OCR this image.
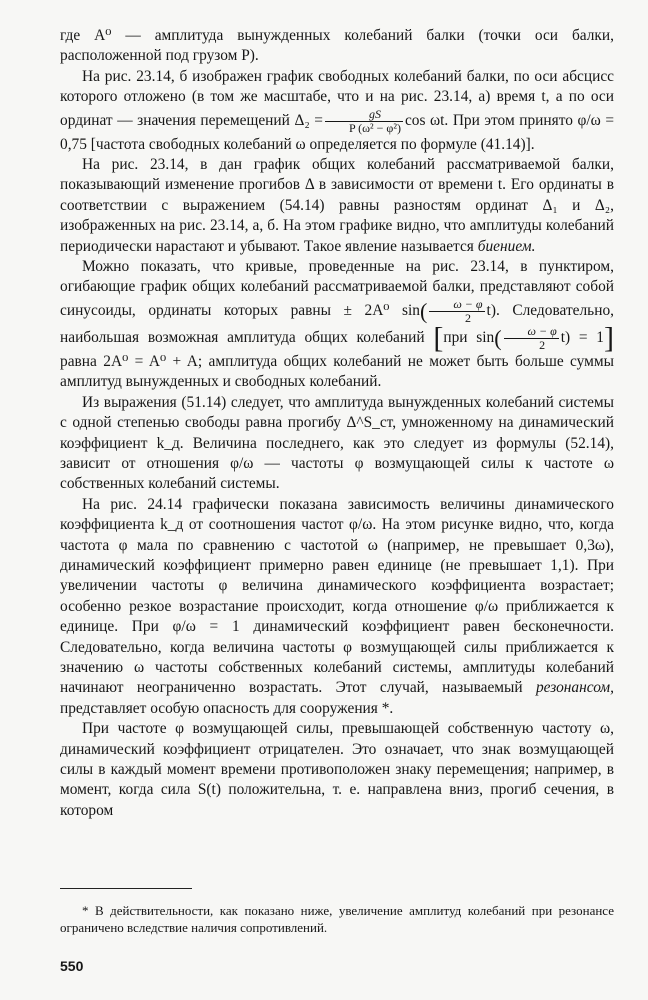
где A⁰ — амплитуда вынужденных колебаний балки (точки оси балки, расположенной под грузом P).

На рис. 23.14, б изображен график свободных колебаний балки, по оси абсцисс которого отложено (в том же масштабе, что и на рис. 23.14, а) время t, а по оси ординат — значения перемещений $\Delta_2 = \frac{gS}{\text{P (ω² − φ²)}}$ cos ωt. При этом принято φ/ω = 0,75 [частота свободных колебаний ω определяется по формуле (41.14)].

На рис. 23.14, в дан график общих колебаний рассматриваемой балки, показывающий изменение прогибов Δ в зависимости от времени t. Его ординаты в соответствии с выражением (54.14) равны разностям ординат Δ₁ и Δ₂, изображенных на рис. 23.14, а, б. На этом графике видно, что амплитуды колебаний периодически нарастают и убывают. Такое явление называется биением.

Можно показать, что кривые, проведенные на рис. 23.14, в пунктиром, огибающие график общих колебаний рассматриваемой балки, представляют собой синусоиды, ординаты которых равны ± 2A⁰ $\sin( \frac{\omega - \varphi}{2} t)$. Следовательно, наибольшая возможная амплитуда общих колебаний [при $\sin( \frac{\omega - \varphi}{2} t) = 1$] равна 2A⁰ = A⁰ + A; амплитуда общих колебаний не может быть больше суммы амплитуд вынужденных и свободных колебаний.

Из выражения (51.14) следует, что амплитуда вынужденных колебаний системы с одной степенью свободы равна прогибу Δ^S_ст, умноженному на динамический коэффициент k_д. Величина последнего, как это следует из формулы (52.14), зависит от отношения φ/ω — частоты φ возмущающей силы к частоте ω собственных колебаний системы.

На рис. 24.14 графически показана зависимость величины динамического коэффициента k_д от соотношения частот φ/ω. На этом рисунке видно, что, когда частота φ мала по сравнению с частотой ω (например, не превышает 0,3ω), динамический коэффициент примерно равен единице (не превышает 1,1). При увеличении частоты φ величина динамического коэффициента возрастает; особенно резкое возрастание происходит, когда отношение φ/ω приближается к единице. При φ/ω = 1 динамический коэффициент равен бесконечности. Следовательно, когда величина частоты φ возмущающей силы приближается к значению ω частоты собственных колебаний системы, амплитуды колебаний начинают неограниченно возрастать. Этот случай, называемый резонансом, представляет особую опасность для сооружения *.

При частоте φ возмущающей силы, превышающей собственную частоту ω, динамический коэффициент отрицателен. Это означает, что знак возмущающей силы в каждый момент времени противоположен знаку перемещения; например, в момент, когда сила S(t) положительна, т. е. направлена вниз, прогиб сечения, в котором

* В действительности, как показано ниже, увеличение амплитуд колебаний при резонансе ограничено вследствие наличия сопротивлений.
550
